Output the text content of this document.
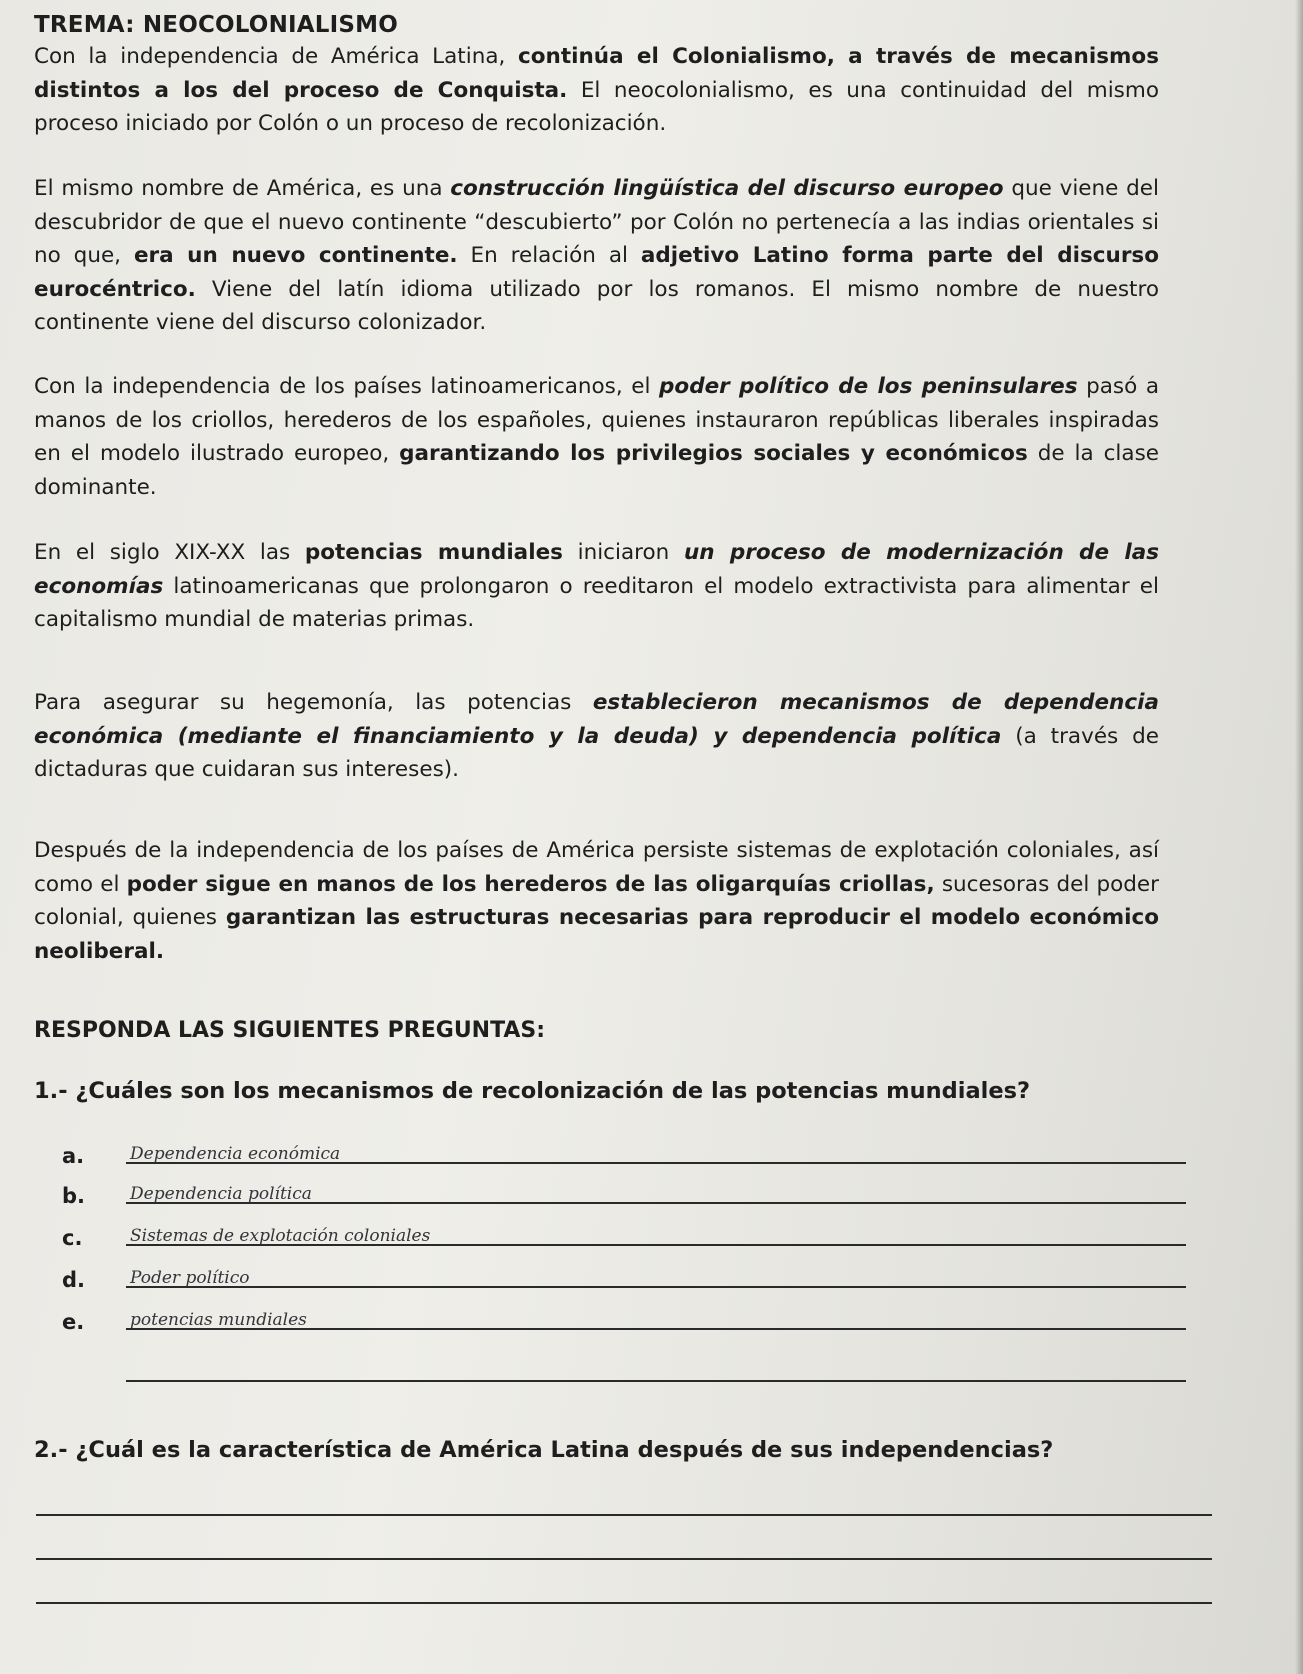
TREMA: NEOCOLONIALISMO
Con la independencia de América Latina, continúa el Colonialismo, a través de mecanismos distintos a los del proceso de Conquista. El neocolonialismo, es una continuidad del mismo proceso iniciado por Colón o un proceso de recolonización.
El mismo nombre de América, es una construcción lingüística del discurso europeo que viene del descubridor de que el nuevo continente “descubierto” por Colón no pertenecía a las indias orientales si no que, era un nuevo continente. En relación al adjetivo Latino forma parte del discurso eurocéntrico. Viene del latín idioma utilizado por los romanos. El mismo nombre de nuestro continente viene del discurso colonizador.
Con la independencia de los países latinoamericanos, el poder político de los peninsulares pasó a manos de los criollos, herederos de los españoles, quienes instauraron repúblicas liberales inspiradas en el modelo ilustrado europeo, garantizando los privilegios sociales y económicos de la clase dominante.
En el siglo XIX-XX las potencias mundiales iniciaron un proceso de modernización de las economías latinoamericanas que prolongaron o reeditaron el modelo extractivista para alimentar el capitalismo mundial de materias primas.
Para asegurar su hegemonía, las potencias establecieron mecanismos de dependencia económica (mediante el financiamiento y la deuda) y dependencia política (a través de dictaduras que cuidaran sus intereses).
Después de la independencia de los países de América persiste sistemas de explotación coloniales, así como el poder sigue en manos de los herederos de las oligarquías criollas, sucesoras del poder colonial, quienes garantizan las estructuras necesarias para reproducir el modelo económico neoliberal.
RESPONDA LAS SIGUIENTES PREGUNTAS:
1.- ¿Cuáles son los mecanismos de recolonización de las potencias mundiales?
a.	Dependencia económica
b.	Dependencia política
c.	Sistemas de explotación coloniales
d.	Poder político
e.	potencias mundiales
2.- ¿Cuál es la característica de América Latina después de sus independencias?
